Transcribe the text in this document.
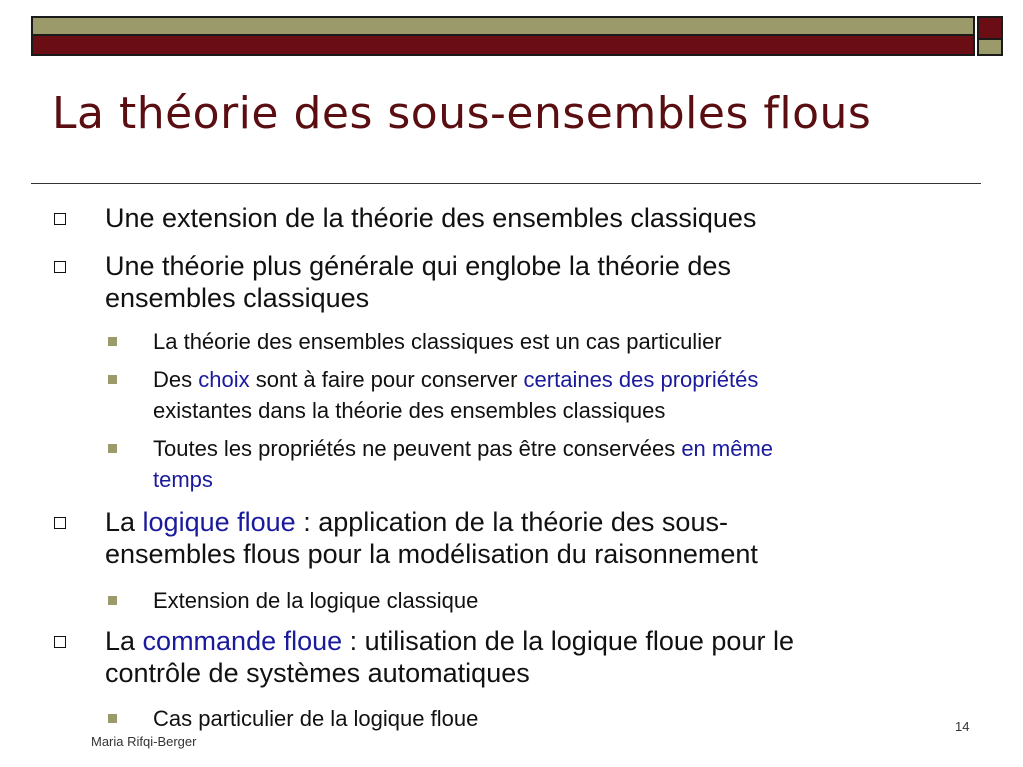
La théorie des sous-ensembles flous
Une extension de la théorie des ensembles classiques
Une théorie plus générale qui englobe la théorie des
ensembles classiques
La théorie des ensembles classiques est un cas particulier
Des choix sont à faire pour conserver certaines des propriétés
existantes dans la théorie des ensembles classiques
Toutes les propriétés ne peuvent pas être conservées en même
temps
La logique floue : application de la théorie des sous-
ensembles flous pour la modélisation du raisonnement
Extension de la logique classique
La commande floue : utilisation de la logique floue pour le
contrôle de systèmes automatiques
Cas particulier de la logique floue
Maria Rifqi-Berger
14
